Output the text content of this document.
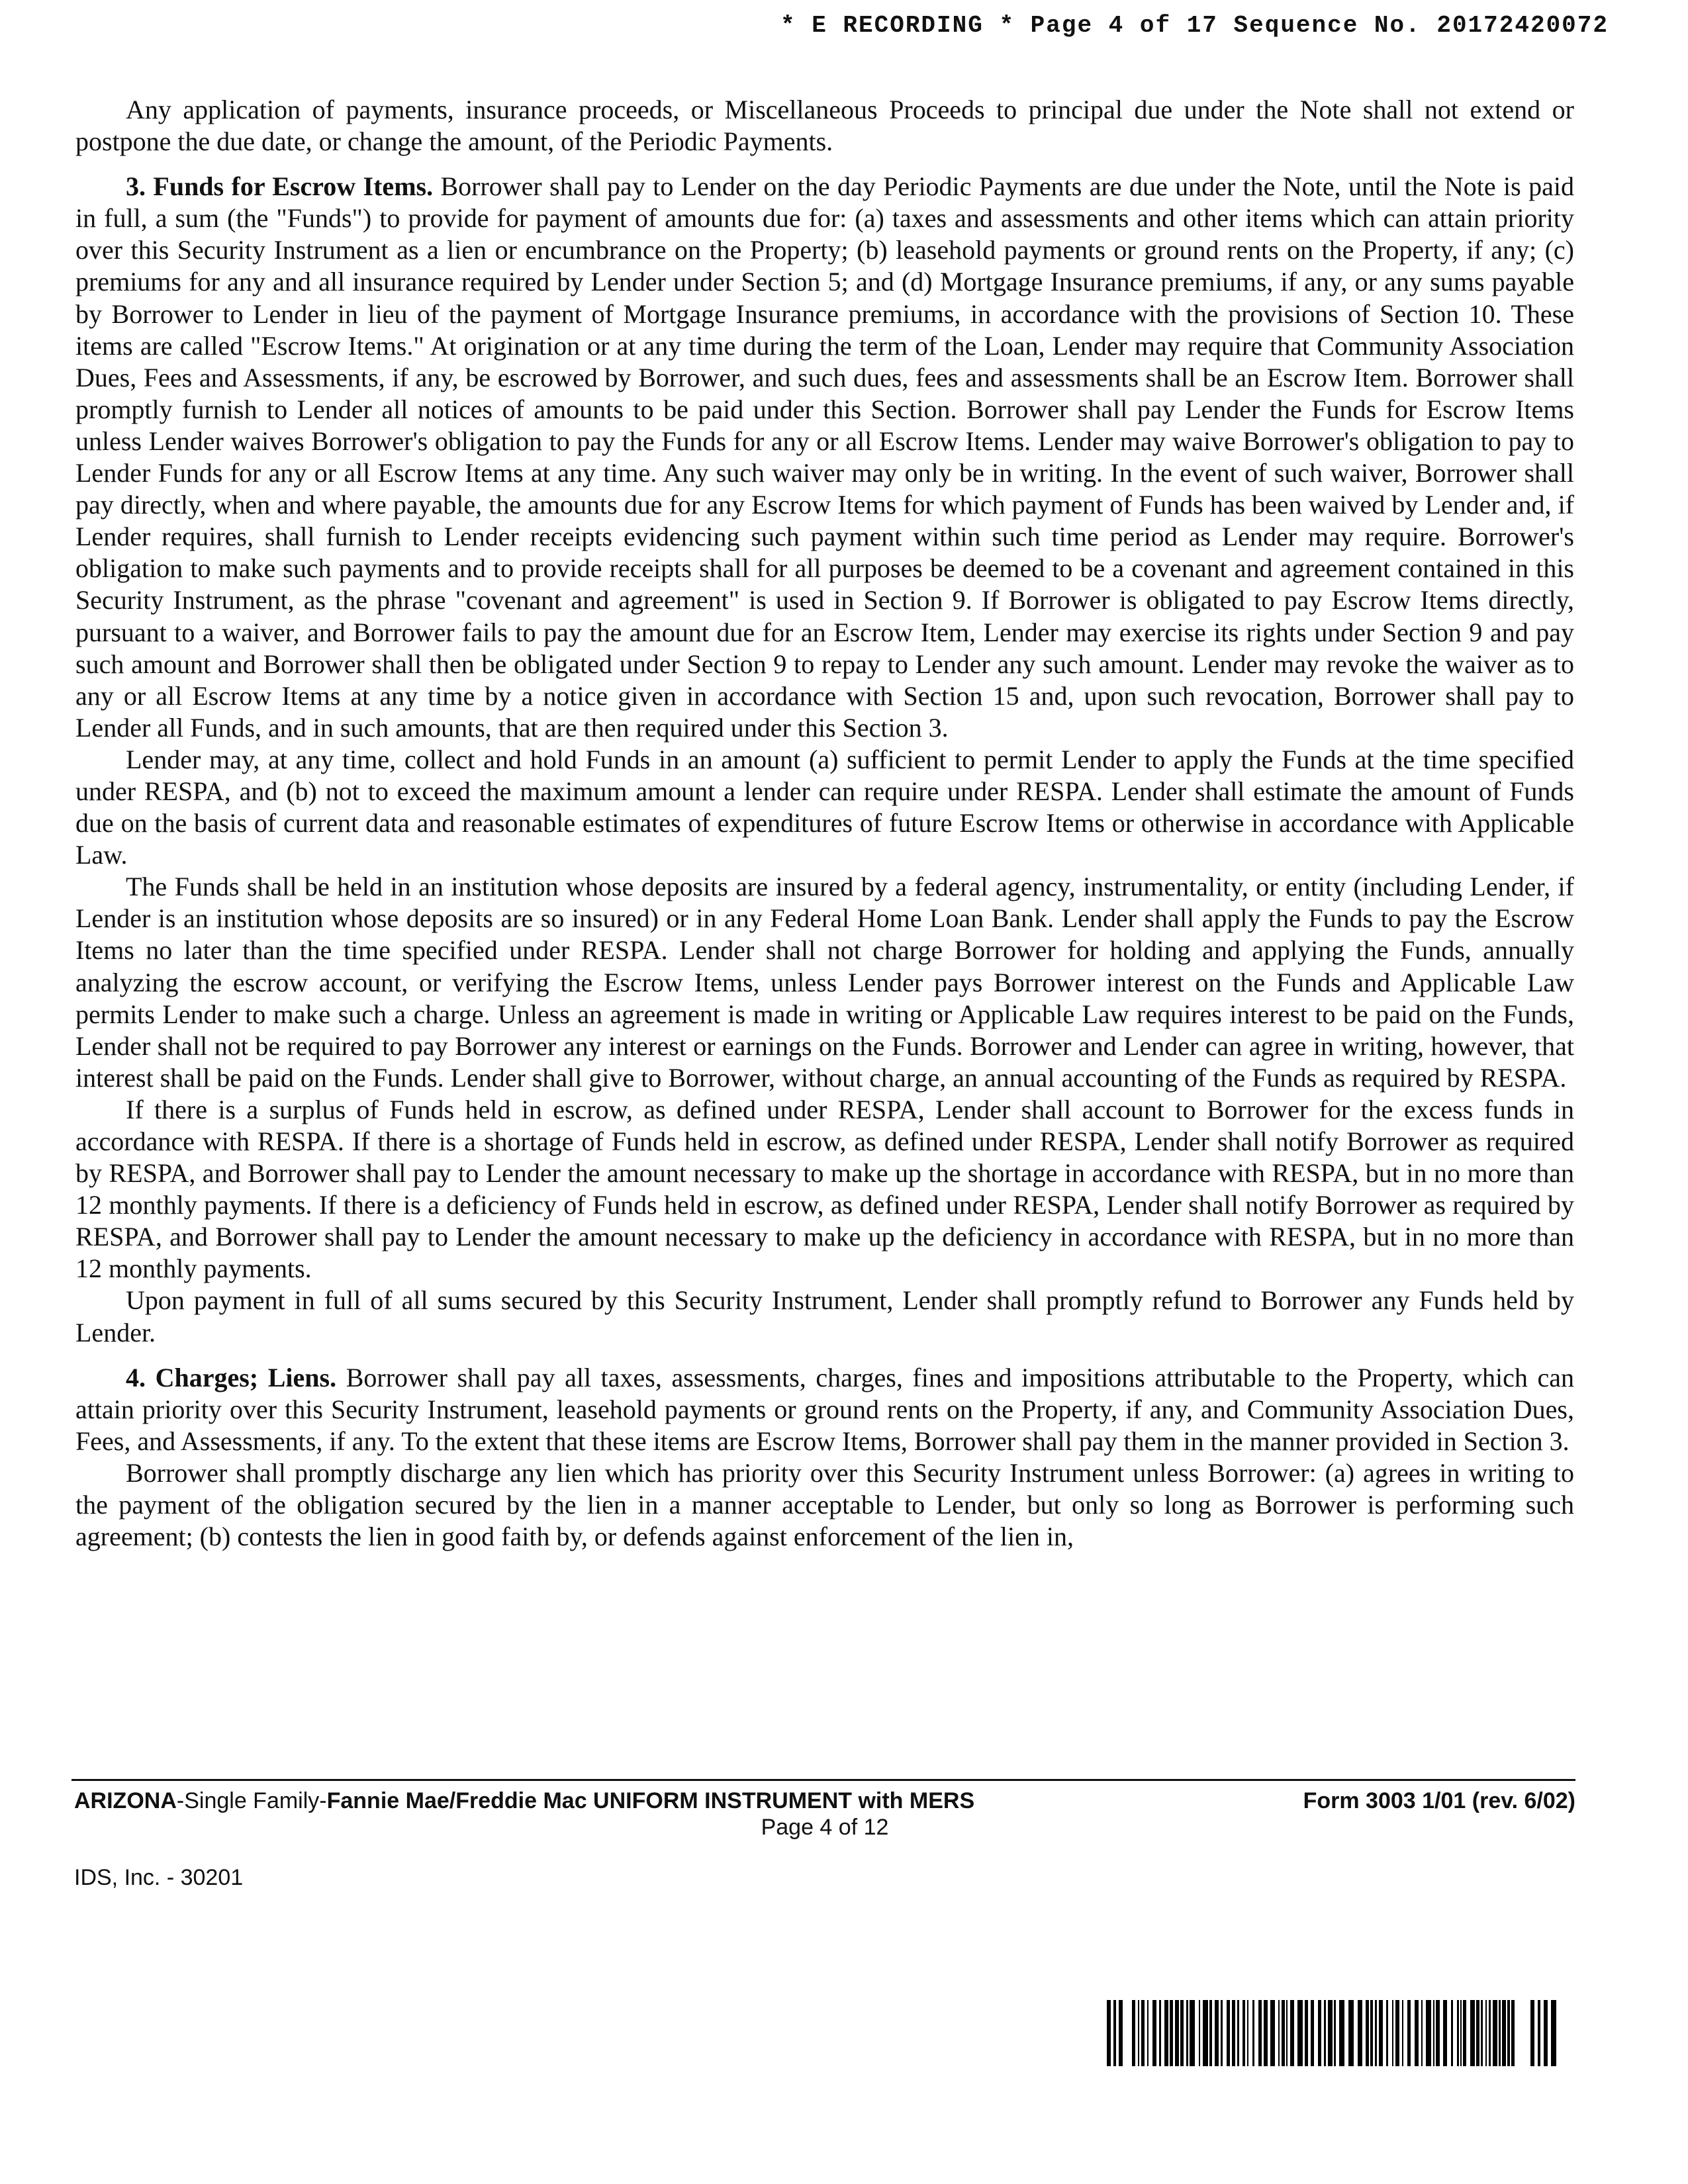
* E RECORDING * Page 4 of 17 Sequence No. 20172420072

Any application of payments, insurance proceeds, or Miscellaneous Proceeds to principal due under the Note shall not extend or postpone the due date, or change the amount, of the Periodic Payments.

3. Funds for Escrow Items. Borrower shall pay to Lender on the day Periodic Payments are due under the Note, until the Note is paid in full, a sum (the "Funds") to provide for payment of amounts due for: (a) taxes and assessments and other items which can attain priority over this Security Instrument as a lien or encumbrance on the Property; (b) leasehold payments or ground rents on the Property, if any; (c) premiums for any and all insurance required by Lender under Section 5; and (d) Mortgage Insurance premiums, if any, or any sums payable by Borrower to Lender in lieu of the payment of Mortgage Insurance premiums, in accordance with the provisions of Section 10. These items are called "Escrow Items." At origination or at any time during the term of the Loan, Lender may require that Community Association Dues, Fees and Assessments, if any, be escrowed by Borrower, and such dues, fees and assessments shall be an Escrow Item. Borrower shall promptly furnish to Lender all notices of amounts to be paid under this Section. Borrower shall pay Lender the Funds for Escrow Items unless Lender waives Borrower's obligation to pay the Funds for any or all Escrow Items. Lender may waive Borrower's obligation to pay to Lender Funds for any or all Escrow Items at any time. Any such waiver may only be in writing. In the event of such waiver, Borrower shall pay directly, when and where payable, the amounts due for any Escrow Items for which payment of Funds has been waived by Lender and, if Lender requires, shall furnish to Lender receipts evidencing such payment within such time period as Lender may require. Borrower's obligation to make such payments and to provide receipts shall for all purposes be deemed to be a covenant and agreement contained in this Security Instrument, as the phrase "covenant and agreement" is used in Section 9. If Borrower is obligated to pay Escrow Items directly, pursuant to a waiver, and Borrower fails to pay the amount due for an Escrow Item, Lender may exercise its rights under Section 9 and pay such amount and Borrower shall then be obligated under Section 9 to repay to Lender any such amount. Lender may revoke the waiver as to any or all Escrow Items at any time by a notice given in accordance with Section 15 and, upon such revocation, Borrower shall pay to Lender all Funds, and in such amounts, that are then required under this Section 3.

Lender may, at any time, collect and hold Funds in an amount (a) sufficient to permit Lender to apply the Funds at the time specified under RESPA, and (b) not to exceed the maximum amount a lender can require under RESPA. Lender shall estimate the amount of Funds due on the basis of current data and reasonable estimates of expenditures of future Escrow Items or otherwise in accordance with Applicable Law.

The Funds shall be held in an institution whose deposits are insured by a federal agency, instrumentality, or entity (including Lender, if Lender is an institution whose deposits are so insured) or in any Federal Home Loan Bank. Lender shall apply the Funds to pay the Escrow Items no later than the time specified under RESPA. Lender shall not charge Borrower for holding and applying the Funds, annually analyzing the escrow account, or verifying the Escrow Items, unless Lender pays Borrower interest on the Funds and Applicable Law permits Lender to make such a charge. Unless an agreement is made in writing or Applicable Law requires interest to be paid on the Funds, Lender shall not be required to pay Borrower any interest or earnings on the Funds. Borrower and Lender can agree in writing, however, that interest shall be paid on the Funds. Lender shall give to Borrower, without charge, an annual accounting of the Funds as required by RESPA.

If there is a surplus of Funds held in escrow, as defined under RESPA, Lender shall account to Borrower for the excess funds in accordance with RESPA. If there is a shortage of Funds held in escrow, as defined under RESPA, Lender shall notify Borrower as required by RESPA, and Borrower shall pay to Lender the amount necessary to make up the shortage in accordance with RESPA, but in no more than 12 monthly payments. If there is a deficiency of Funds held in escrow, as defined under RESPA, Lender shall notify Borrower as required by RESPA, and Borrower shall pay to Lender the amount necessary to make up the deficiency in accordance with RESPA, but in no more than 12 monthly payments.

Upon payment in full of all sums secured by this Security Instrument, Lender shall promptly refund to Borrower any Funds held by Lender.

4. Charges; Liens. Borrower shall pay all taxes, assessments, charges, fines and impositions attributable to the Property, which can attain priority over this Security Instrument, leasehold payments or ground rents on the Property, if any, and Community Association Dues, Fees, and Assessments, if any. To the extent that these items are Escrow Items, Borrower shall pay them in the manner provided in Section 3.

Borrower shall promptly discharge any lien which has priority over this Security Instrument unless Borrower: (a) agrees in writing to the payment of the obligation secured by the lien in a manner acceptable to Lender, but only so long as Borrower is performing such agreement; (b) contests the lien in good faith by, or defends against enforcement of the lien in,

ARIZONA-Single Family-Fannie Mae/Freddie Mac UNIFORM INSTRUMENT with MERS	Form 3003 1/01 (rev. 6/02)
Page 4 of 12
IDS, Inc. - 30201
